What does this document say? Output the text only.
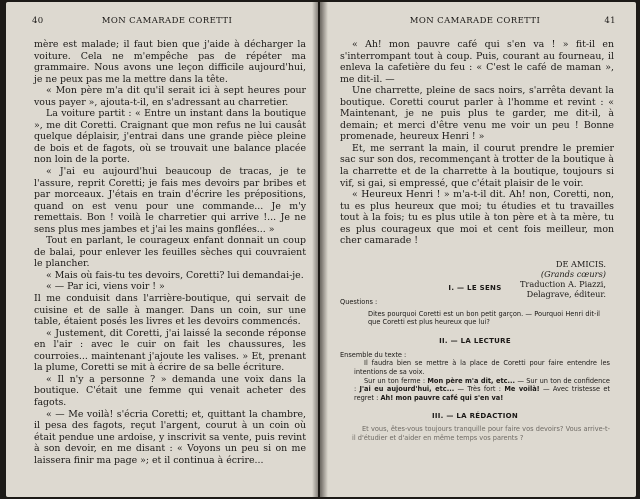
40	MON CAMARADE CORETTI

mère est malade; il faut bien que j'aide à décharger la voiture. Cela ne m'empêche pas de répéter ma grammaire. Nous avons une leçon difficile aujourd'hui, je ne peux pas me la mettre dans la tête.

« Mon père m'a dit qu'il serait ici à sept heures pour vous payer », ajouta-t-il, en s'adressant au charretier.

La voiture partit : « Entre un instant dans la boutique », me dit Coretti. Craignant que mon refus ne lui causât quelque déplaisir, j'entrai dans une grande pièce pleine de bois et de fagots, où se trouvait une balance placée non loin de la porte.

« J'ai eu aujourd'hui beaucoup de tracas, je te l'assure, reprit Coretti; je fais mes devoirs par bribes et par morceaux. J'étais en train d'écrire les prépositions, quand on est venu pour une commande... Je m'y remettais. Bon ! voilà le charretier qui arrive !... Je ne sens plus mes jambes et j'ai les mains gonflées... »

Tout en parlant, le courageux enfant donnait un coup de balai, pour enlever les feuilles sèches qui couvraient le plancher.

« Mais où fais-tu tes devoirs, Coretti? lui demandai-je.

« — Par ici, viens voir ! »

Il me conduisit dans l'arrière-boutique, qui servait de cuisine et de salle à manger. Dans un coin, sur une table, étaient posés les livres et les devoirs commencés.

« Justement, dit Coretti, j'ai laissé la seconde réponse en l'air : avec le cuir on fait les chaussures, les courroies... maintenant j'ajoute les valises. » Et, prenant la plume, Coretti se mit à écrire de sa belle écriture.

« Il n'y a personne ? » demanda une voix dans la boutique. C'était une femme qui venait acheter des fagots.

« — Me voilà! s'écria Coretti; et, quittant la chambre, il pesa des fagots, reçut l'argent, courut à un coin où était pendue une ardoise, y inscrivit sa vente, puis revint à son devoir, en me disant : « Voyons un peu si on me laissera finir ma page »; et il continua à écrire...

MON CAMARADE CORETTI	41

« Ah! mon pauvre café qui s'en va ! » fit-il en s'interrompant tout à coup. Puis, courant au fourneau, il enleva la cafetière du feu : « C'est le café de maman », me dit-il. —

Une charrette, pleine de sacs noirs, s'arrêta devant la boutique. Coretti courut parler à l'homme et revint : « Maintenant, je ne puis plus te garder, me dit-il, à demain; et merci d'être venu me voir un peu ! Bonne promenade, heureux Henri ! »

Et, me serrant la main, il courut prendre le premier sac sur son dos, recommençant à trotter de la boutique à la charrette et de la charrette à la boutique, toujours si vif, si gai, si empressé, que c'était plaisir de le voir.

« Heureux Henri ! » m'a-t-il dit. Ah! non, Coretti, non, tu es plus heureux que moi; tu étudies et tu travailles tout à la fois; tu es plus utile à ton père et à ta mère, tu es plus courageux que moi et cent fois meilleur, mon cher camarade !

DE AMICIS.
(Grands cœurs)
Traduction A. Piazzi,
Delagrave, éditeur.

I. — LE SENS

Questions :

Dites pourquoi Coretti est un bon petit garçon. — Pourquoi Henri dit-il que Coretti est plus heureux que lui?

II. — LA LECTURE

Ensemble du texte :

Il faudra bien se mettre à la place de Coretti pour faire entendre les intentions de sa voix.

Sur un ton ferme : Mon père m'a dit, etc... — Sur un ton de confidence : J'ai eu aujourd'hui, etc... — Très fort : Me voilà! — Avec tristesse et regret : Ah! mon pauvre café qui s'en va!

III. — LA RÉDACTION

Et vous, êtes-vous toujours tranquille pour faire vos devoirs? Vous arrive-t-il d'étudier et d'aider en même temps vos parents ?
